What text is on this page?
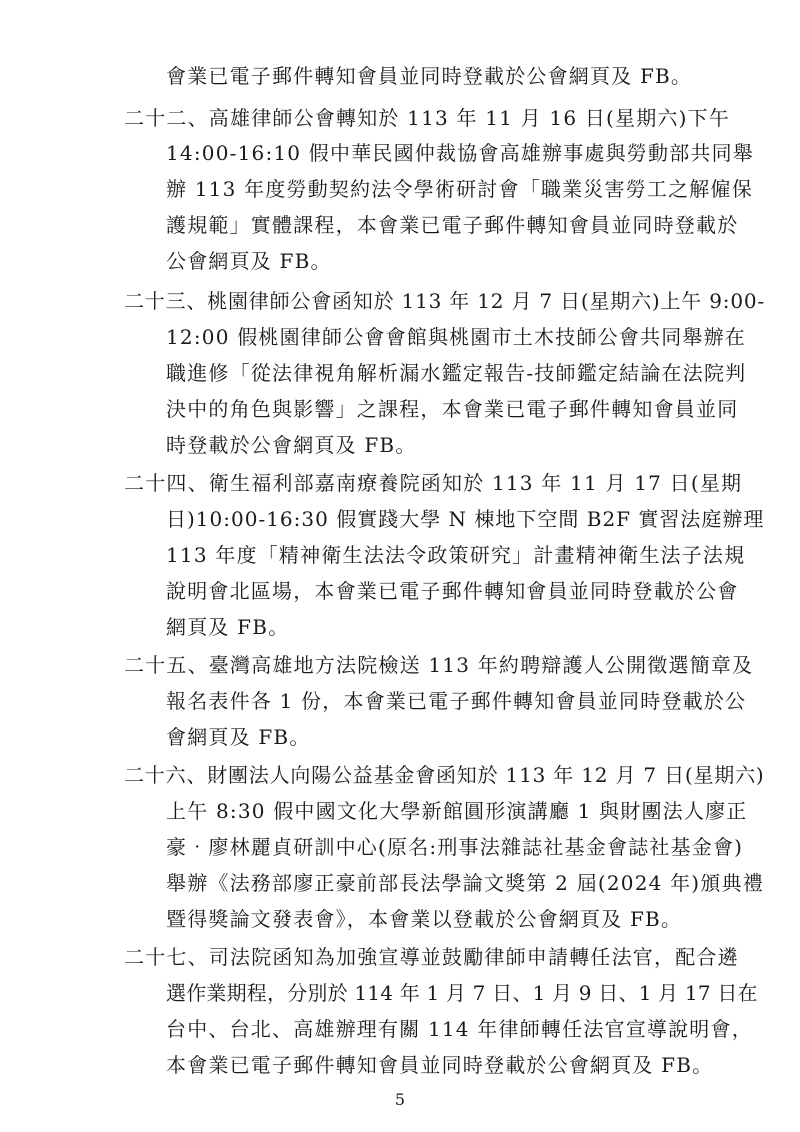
會業已電子郵件轉知會員並同時登載於公會網頁及 FB。
二十二、高雄律師公會轉知於 113 年 11 月 16 日(星期六)下午
14:00-16:10 假中華民國仲裁協會高雄辦事處與勞動部共同舉
辦 113 年度勞動契約法令學術研討會「職業災害勞工之解僱保
護規範」實體課程，本會業已電子郵件轉知會員並同時登載於
公會網頁及 FB。
二十三、桃園律師公會函知於 113 年 12 月 7 日(星期六)上午 9:00-
12:00 假桃園律師公會會館與桃園市土木技師公會共同舉辦在
職進修「從法律視角解析漏水鑑定報告-技師鑑定結論在法院判
決中的角色與影響」之課程，本會業已電子郵件轉知會員並同
時登載於公會網頁及 FB。
二十四、衛生福利部嘉南療養院函知於 113 年 11 月 17 日(星期
日)10:00-16:30 假實踐大學 N 棟地下空間 B2F 實習法庭辦理
113 年度「精神衛生法法令政策研究」計畫精神衛生法子法規
說明會北區場，本會業已電子郵件轉知會員並同時登載於公會
網頁及 FB。
二十五、臺灣高雄地方法院檢送 113 年約聘辯護人公開徵選簡章及
報名表件各 1 份，本會業已電子郵件轉知會員並同時登載於公
會網頁及 FB。
二十六、財團法人向陽公益基金會函知於 113 年 12 月 7 日(星期六)
上午 8:30 假中國文化大學新館圓形演講廳 1 與財團法人廖正
豪‧廖林麗貞研訓中心(原名:刑事法雜誌社基金會誌社基金會)
舉辦《法務部廖正豪前部長法學論文獎第 2 屆(2024 年)頒典禮
暨得獎論文發表會》，本會業以登載於公會網頁及 FB。
二十七、司法院函知為加強宣導並鼓勵律師申請轉任法官，配合遴
選作業期程，分別於 114 年 1 月 7 日、1 月 9 日、1 月 17 日在
台中、台北、高雄辦理有關 114 年律師轉任法官宣導說明會，
本會業已電子郵件轉知會員並同時登載於公會網頁及 FB。
5
